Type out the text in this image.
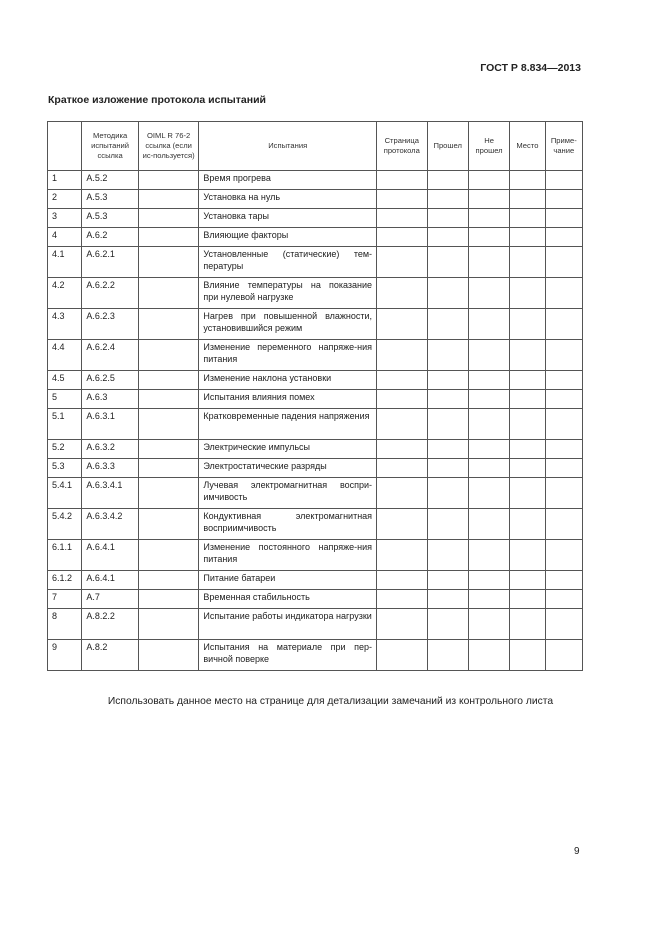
ГОСТ Р 8.834—2013
Краткое изложение протокола испытаний
	Методика испытаний ссылка	OIML R 76-2 ссылка (если ис-пользуется)	Испытания	Страница протокола	Прошел	Не прошел	Место	Приме-чание
1	A.5.2		Время прогрева					
2	A.5.3		Установка на нуль					
3	A.5.3		Установка тары					
4	A.6.2		Влияющие факторы					
4.1	A.6.2.1		Установленные (статические) тем-пературы					
4.2	A.6.2.2		Влияние температуры на показание при нулевой нагрузке					
4.3	A.6.2.3		Нагрев при повышенной влажности, установившийся режим					
4.4	A.6.2.4		Изменение переменного напряже-ния питания					
4.5	A.6.2.5		Изменение наклона установки					
5	A.6.3		Испытания влияния помех					
5.1	A.6.3.1		Кратковременные падения напряжения					
5.2	A.6.3.2		Электрические импульсы					
5.3	A.6.3.3		Электростатические разряды					
5.4.1	A.6.3.4.1		Лучевая электромагнитная воспри-имчивость					
5.4.2	A.6.3.4.2		Кондуктивная электромагнитная восприимчивость					
6.1.1	A.6.4.1		Изменение постоянного напряже-ния питания					
6.1.2	A.6.4.1		Питание батареи					
7	A.7		Временная стабильность					
8	A.8.2.2		Испытание работы индикатора нагрузки					
9	A.8.2		Испытания на материале при пер-вичной поверке					
Использовать данное место на странице для детализации замечаний из контрольного листа
9
